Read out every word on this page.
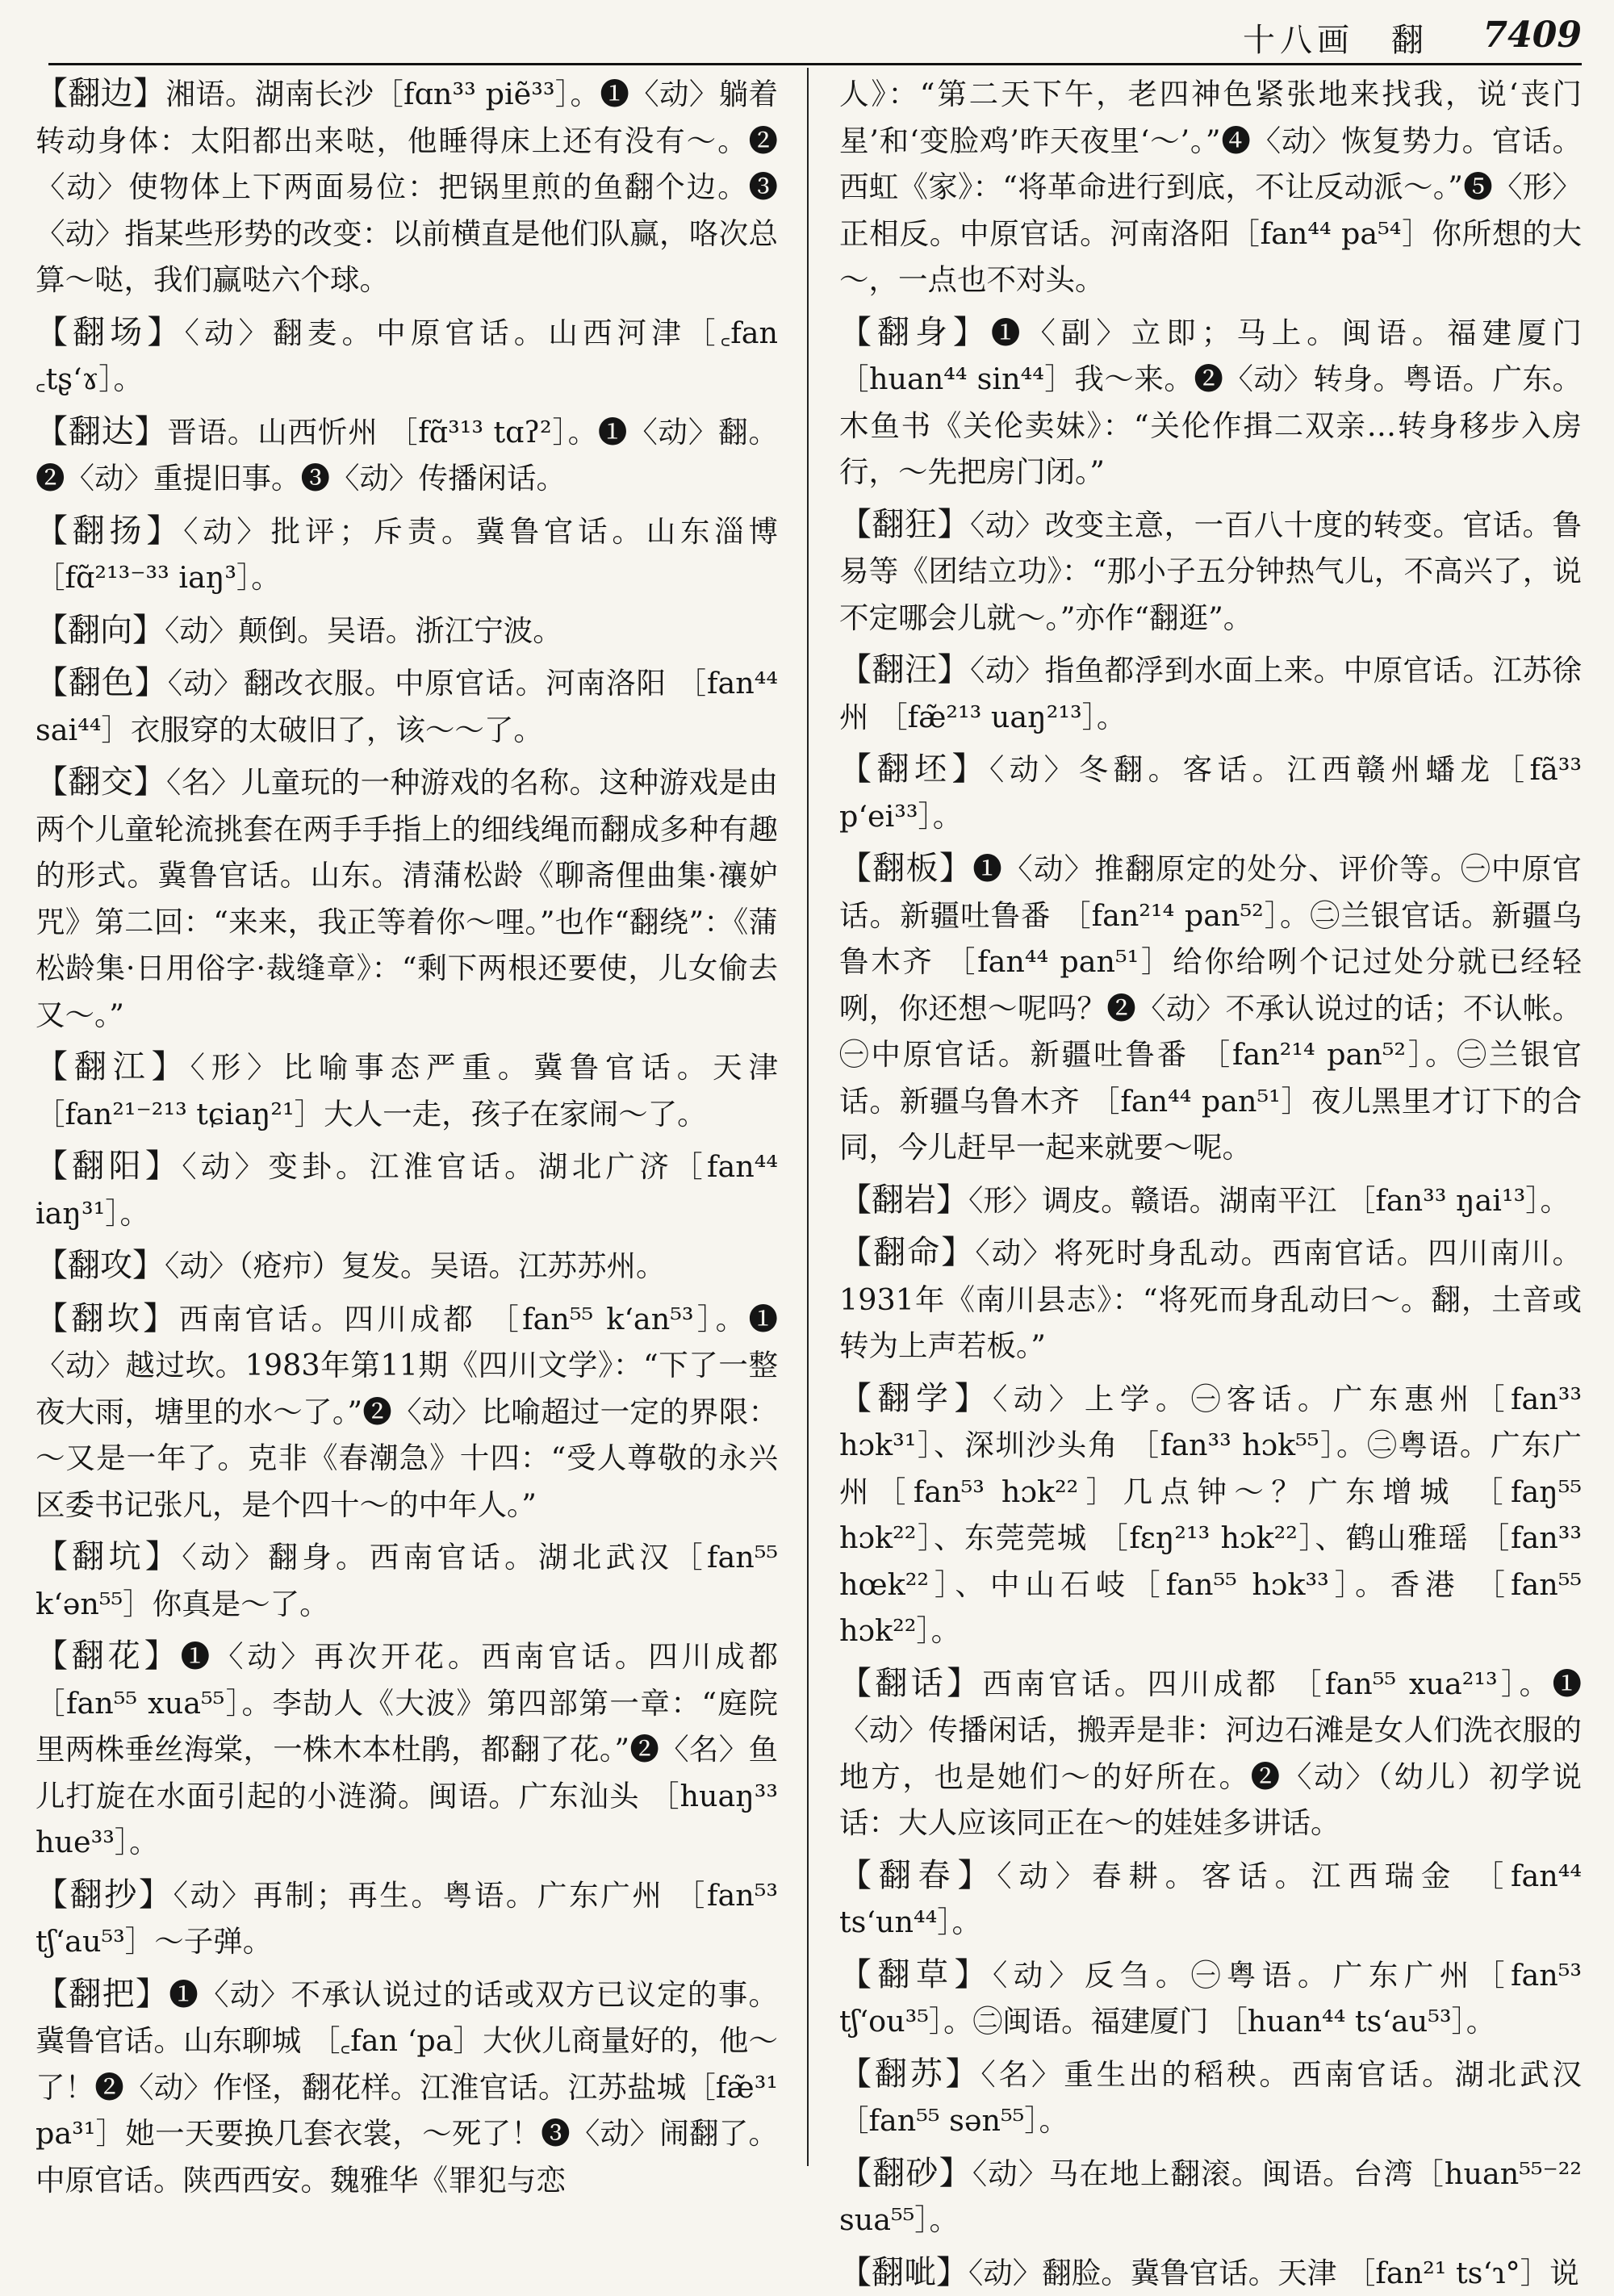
十八画　翻 7409

【翻边】湘语。湖南长沙［fɑn³³ piẽ³³］。❶〈动〉躺着转动身体：太阳都出来哒，他睡得床上还有没有～。❷〈动〉使物体上下两面易位：把锅里煎的鱼翻个边。❸〈动〉指某些形势的改变：以前横直是他们队赢，咯次总算～哒，我们赢哒六个球。

【翻场】〈动〉翻麦。中原官话。山西河津［꜀fan ꜀tʂ‘ɤ］。

【翻达】晋语。山西忻州 ［fɑ̃³¹³ tɑʔ²］。❶〈动〉翻。❷〈动〉重提旧事。❸〈动〉传播闲话。

【翻扬】〈动〉批评；斥责。冀鲁官话。山东淄博［fɑ̃²¹³⁻³³ iaŋ³］。

【翻向】〈动〉颠倒。吴语。浙江宁波。

【翻色】〈动〉翻改衣服。中原官话。河南洛阳 ［fan⁴⁴ sai⁴⁴］衣服穿的太破旧了，该～～了。

【翻交】〈名〉儿童玩的一种游戏的名称。这种游戏是由两个儿童轮流挑套在两手手指上的细线绳而翻成多种有趣的形式。冀鲁官话。山东。清蒲松龄《聊斋俚曲集·禳妒咒》第二回：“来来，我正等着你～哩。”也作“翻绕”：《蒲松龄集·日用俗字·裁缝章》：“剩下两根还要使，儿女偷去又～。”

【翻江】〈形〉比喻事态严重。冀鲁官话。天津［fan²¹⁻²¹³ tɕiaŋ²¹］大人一走，孩子在家闹～了。

【翻阳】〈动〉变卦。江淮官话。湖北广济［fan⁴⁴ iaŋ³¹］。

【翻攻】〈动〉（疮疖）复发。吴语。江苏苏州。

【翻坎】西南官话。四川成都 ［fan⁵⁵ k‘an⁵³］。❶〈动〉越过坎。1983年第11期《四川文学》：“下了一整夜大雨，塘里的水～了。”❷〈动〉比喻超过一定的界限：～又是一年了。克非《春潮急》十四：“受人尊敬的永兴区委书记张凡，是个四十～的中年人。”

【翻坑】〈动〉翻身。西南官话。湖北武汉［fan⁵⁵ k‘ən⁵⁵］你真是～了。

【翻花】❶〈动〉再次开花。西南官话。四川成都［fan⁵⁵ xua⁵⁵］。李劼人《大波》第四部第一章：“庭院里两株垂丝海棠，一株木本杜鹃，都翻了花。”❷〈名〉鱼儿打旋在水面引起的小涟漪。闽语。广东汕头 ［huaŋ³³ hue³³］。

【翻抄】〈动〉再制；再生。粤语。广东广州 ［fan⁵³ tʃ‘au⁵³］～子弹。

【翻把】❶〈动〉不承认说过的话或双方已议定的事。冀鲁官话。山东聊城 ［꜀fan ‘pa］大伙儿商量好的，他～了！❷〈动〉作怪，翻花样。江淮官话。江苏盐城［fæ̃³¹ pa³¹］她一天要换几套衣裳，～死了！❸〈动〉闹翻了。中原官话。陕西西安。魏雅华《罪犯与恋

人》：“第二天下午，老四神色紧张地来找我，说‘丧门星’和‘变脸鸡’昨天夜里‘～’。”❹〈动〉恢复势力。官话。西虹《家》：“将革命进行到底，不让反动派～。”❺〈形〉正相反。中原官话。河南洛阳［fan⁴⁴ pa⁵⁴］你所想的大～，一点也不对头。

【翻身】❶〈副〉立即；马上。闽语。福建厦门 ［huan⁴⁴ sin⁴⁴］我～来。❷〈动〉转身。粤语。广东。木鱼书《关伦卖妹》：“关伦作揖二双亲…转身移步入房行，～先把房门闭。”

【翻狂】〈动〉改变主意，一百八十度的转变。官话。鲁易等《团结立功》：“那小子五分钟热气儿，不高兴了，说不定哪会儿就～。”亦作“翻逛”。

【翻汪】〈动〉指鱼都浮到水面上来。中原官话。江苏徐州 ［fæ̃²¹³ uaŋ²¹³］。

【翻坯】〈动〉冬翻。客话。江西赣州蟠龙［fã³³ p‘ei³³］。

【翻板】❶〈动〉推翻原定的处分、评价等。㊀中原官话。新疆吐鲁番 ［fan²¹⁴ pan⁵²］。㊁兰银官话。新疆乌鲁木齐 ［fan⁴⁴ pan⁵¹］给你给咧个记过处分就已经轻咧，你还想～呢吗？❷〈动〉不承认说过的话；不认帐。㊀中原官话。新疆吐鲁番 ［fan²¹⁴ pan⁵²］。㊁兰银官话。新疆乌鲁木齐 ［fan⁴⁴ pan⁵¹］夜儿黑里才订下的合同，今儿赶早一起来就要～呢。

【翻岩】〈形〉调皮。赣语。湖南平江 ［fan³³ ŋai¹³］。

【翻命】〈动〉将死时身乱动。西南官话。四川南川。1931年《南川县志》：“将死而身乱动曰～。翻，土音或转为上声若板。”

【翻学】〈动〉上学。㊀客话。广东惠州［fan³³ hɔk³¹］、深圳沙头角 ［fan³³ hɔk⁵⁵］。㊁粤语。广东广州［fan⁵³ hɔk²²］几点钟～？广东增城 ［faŋ⁵⁵ hɔk²²］、东莞莞城 ［fɛŋ²¹³ hɔk²²］、鹤山雅瑶 ［fan³³ hœk²²］、中山石岐［fan⁵⁵ hɔk³³］。香港 ［fan⁵⁵ hɔk²²］。

【翻话】西南官话。四川成都 ［fan⁵⁵ xua²¹³］。❶〈动〉传播闲话，搬弄是非：河边石滩是女人们洗衣服的地方，也是她们～的好所在。❷〈动〉（幼儿）初学说话：大人应该同正在～的娃娃多讲话。

【翻春】〈动〉春耕。客话。江西瑞金 ［fan⁴⁴ ts‘un⁴⁴］。

【翻草】〈动〉反刍。㊀粤语。广东广州［fan⁵³ tʃ‘ou³⁵］。㊁闽语。福建厦门 ［huan⁴⁴ ts‘au⁵³］。

【翻苏】〈名〉重生出的稻秧。西南官话。湖北武汉［fan⁵⁵ sən⁵⁵］。

【翻砂】〈动〉马在地上翻滚。闽语。台湾［huan⁵⁵⁻²² sua⁵⁵］。

【翻呲】〈动〉翻脸。冀鲁官话。天津 ［fan²¹ ts‘ɿ°］说
